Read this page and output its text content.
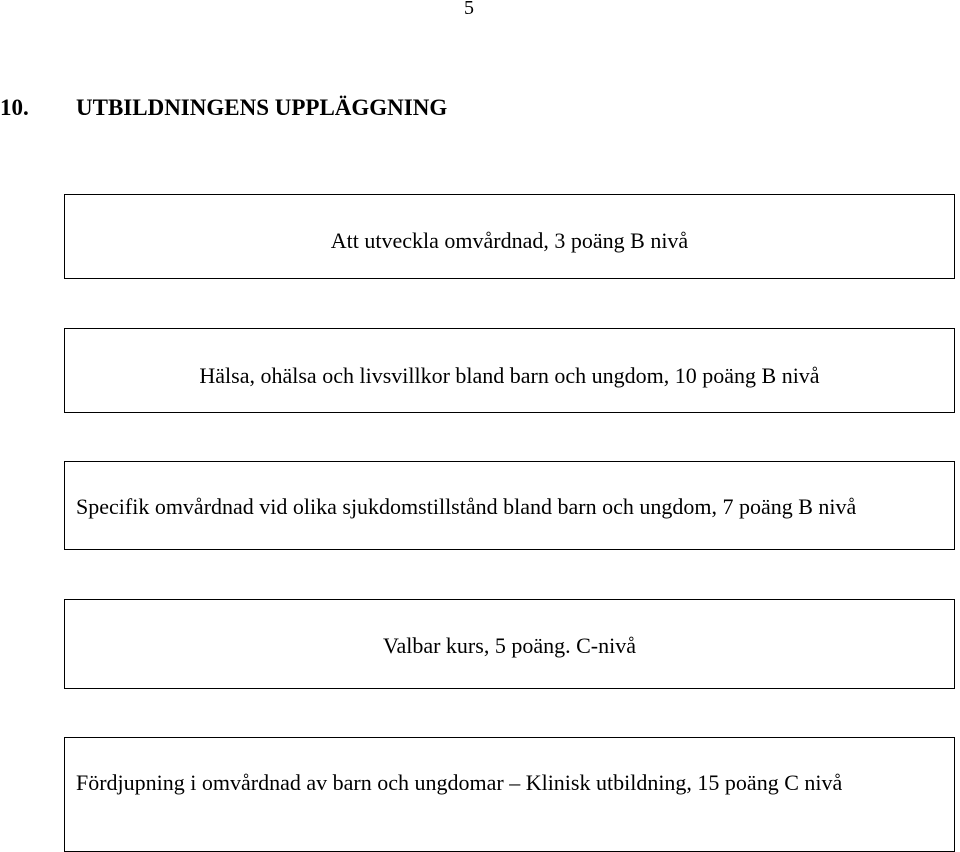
5
10. UTBILDNINGENS UPPLÄGGNING
Att utveckla omvårdnad, 3 poäng B nivå
Hälsa, ohälsa och livsvillkor bland barn och ungdom, 10 poäng B nivå
Specifik omvårdnad vid olika sjukdomstillstånd bland barn och ungdom, 7 poäng B nivå
Valbar kurs, 5 poäng. C-nivå
Fördjupning i omvårdnad av barn och ungdomar – Klinisk utbildning, 15 poäng C nivå
